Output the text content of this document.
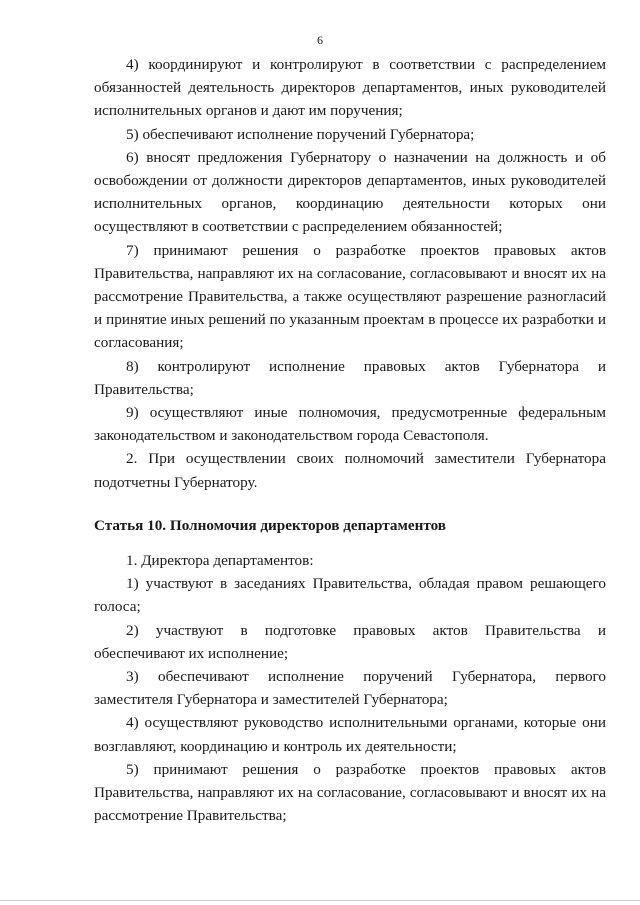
6

4) координируют и контролируют в соответствии с распределением обязанностей деятельность директоров департаментов, иных руководителей исполнительных органов и дают им поручения;

5) обеспечивают исполнение поручений Губернатора;

6) вносят предложения Губернатору о назначении на должность и об освобождении от должности директоров департаментов, иных руководителей исполнительных органов, координацию деятельности которых они осуществляют в соответствии с распределением обязанностей;

7) принимают решения о разработке проектов правовых актов Правительства, направляют их на согласование, согласовывают и вносят их на рассмотрение Правительства, а также осуществляют разрешение разногласий и принятие иных решений по указанным проектам в процессе их разработки и согласования;

8) контролируют исполнение правовых актов Губернатора и Правительства;

9) осуществляют иные полномочия, предусмотренные федеральным законодательством и законодательством города Севастополя.

2. При осуществлении своих полномочий заместители Губернатора подотчетны Губернатору.

Статья 10. Полномочия директоров департаментов

1. Директора департаментов:

1) участвуют в заседаниях Правительства, обладая правом решающего голоса;

2) участвуют в подготовке правовых актов Правительства и обеспечивают их исполнение;

3) обеспечивают исполнение поручений Губернатора, первого заместителя Губернатора и заместителей Губернатора;

4) осуществляют руководство исполнительными органами, которые они возглавляют, координацию и контроль их деятельности;

5) принимают решения о разработке проектов правовых актов Правительства, направляют их на согласование, согласовывают и вносят их на рассмотрение Правительства;
